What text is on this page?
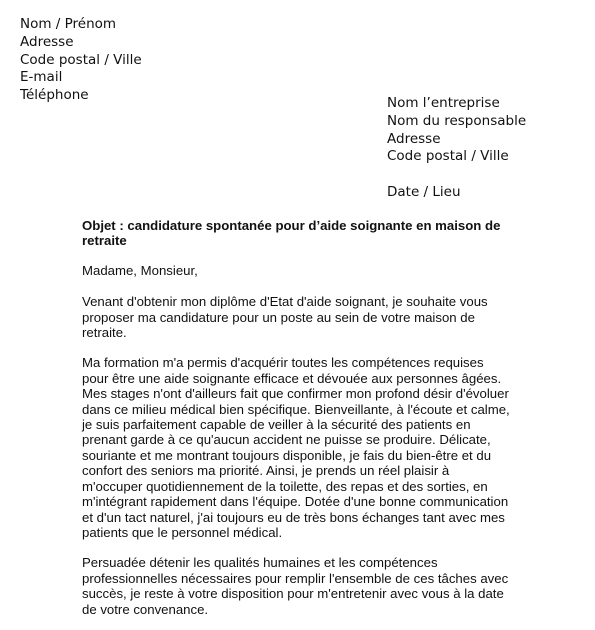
Nom / Prénom
Adresse
Code postal / Ville
E-mail
Téléphone	Nom l’entreprise
Nom du responsable
Adresse
Code postal / Ville
Date / Lieu
Objet : candidature spontanée pour d’aide soignante en maison de
retraite
Madame, Monsieur,
Venant d'obtenir mon diplôme d'Etat d'aide soignant, je souhaite vous
proposer ma candidature pour un poste au sein de votre maison de
retraite.
Ma formation m'a permis d'acquérir toutes les compétences requises
pour être une aide soignante efficace et dévouée aux personnes âgées.
Mes stages n'ont d'ailleurs fait que confirmer mon profond désir d'évoluer
dans ce milieu médical bien spécifique. Bienveillante, à l'écoute et calme,
je suis parfaitement capable de veiller à la sécurité des patients en
prenant garde à ce qu'aucun accident ne puisse se produire. Délicate,
souriante et me montrant toujours disponible, je fais du bien-être et du
confort des seniors ma priorité. Ainsi, je prends un réel plaisir à
m'occuper quotidiennement de la toilette, des repas et des sorties, en
m'intégrant rapidement dans l'équipe. Dotée d'une bonne communication
et d'un tact naturel, j'ai toujours eu de très bons échanges tant avec mes
patients que le personnel médical.
Persuadée détenir les qualités humaines et les compétences
professionnelles nécessaires pour remplir l'ensemble de ces tâches avec
succès, je reste à votre disposition pour m'entretenir avec vous à la date
de votre convenance.
